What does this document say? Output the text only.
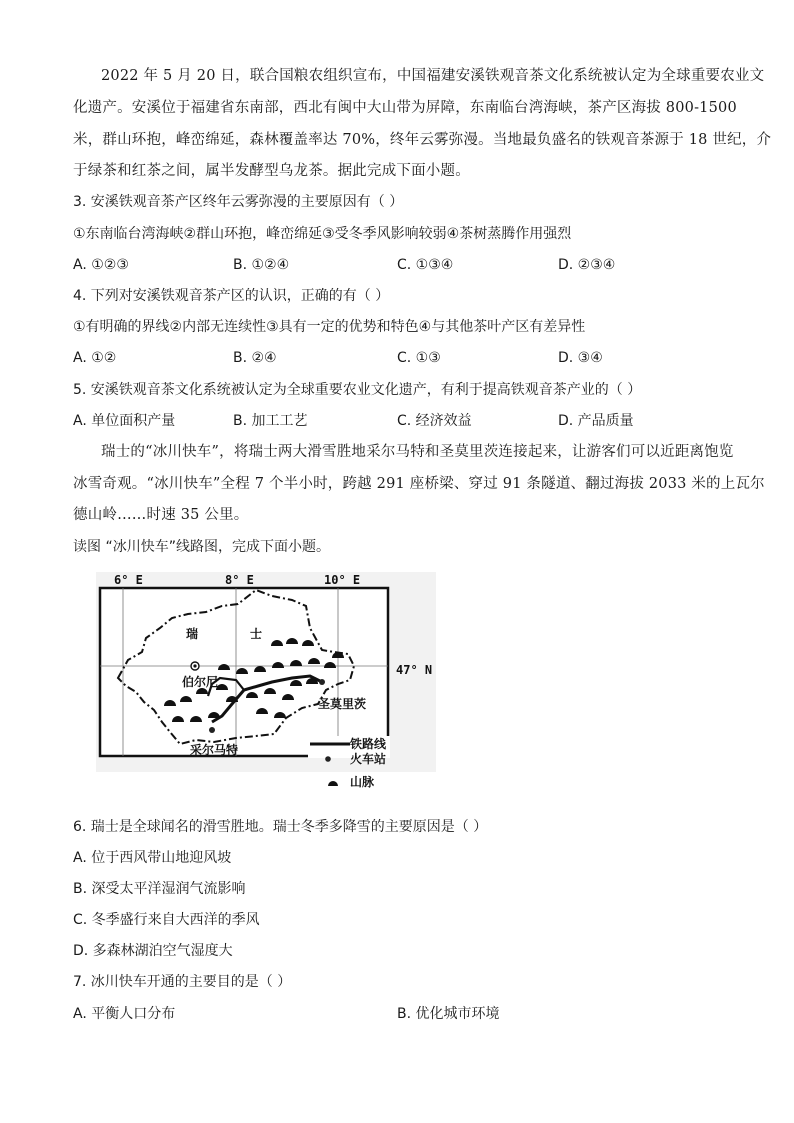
2022 年 5 月 20 日，联合国粮农组织宣布，中国福建安溪铁观音茶文化系统被认定为全球重要农业文
化遗产。安溪位于福建省东南部，西北有闽中大山带为屏障，东南临台湾海峡，茶产区海拔 800-1500
米，群山环抱，峰峦绵延，森林覆盖率达 70%，终年云雾弥漫。当地最负盛名的铁观音茶源于 18 世纪，介
于绿茶和红茶之间，属半发酵型乌龙茶。据此完成下面小题。
3. 安溪铁观音茶产区终年云雾弥漫的主要原因有（ ）
①东南临台湾海峡②群山环抱，峰峦绵延③受冬季风影响较弱④茶树蒸腾作用强烈
A. ①②③	B. ①②④	C. ①③④	D. ②③④
4. 下列对安溪铁观音茶产区的认识，正确的有（ ）
①有明确的界线②内部无连续性③具有一定的优势和特色④与其他茶叶产区有差异性
A. ①②	B. ②④	C. ①③	D. ③④
5. 安溪铁观音茶文化系统被认定为全球重要农业文化遗产，有利于提高铁观音茶产业的（ ）
A. 单位面积产量	B. 加工工艺	C. 经济效益	D. 产品质量
瑞士的“冰川快车”，将瑞士两大滑雪胜地采尔马特和圣莫里茨连接起来，让游客们可以近距离饱览
冰雪奇观。“冰川快车”全程 7 个半小时，跨越 291 座桥梁、穿过 91 条隧道、翻过海拔 2033 米的上瓦尔
德山岭……时速 35 公里。
读图 “冰川快车”线路图，完成下面小题。
6° E	8° E	10° E
47° N
瑞	士
伯尔尼
圣莫里茨
采尔马特	铁路线
火车站
山脉
6. 瑞士是全球闻名的滑雪胜地。瑞士冬季多降雪的主要原因是（ ）
A. 位于西风带山地迎风坡
B. 深受太平洋湿润气流影响
C. 冬季盛行来自大西洋的季风
D. 多森林湖泊空气湿度大
7. 冰川快车开通的主要目的是（ ）
A. 平衡人口分布	B. 优化城市环境
